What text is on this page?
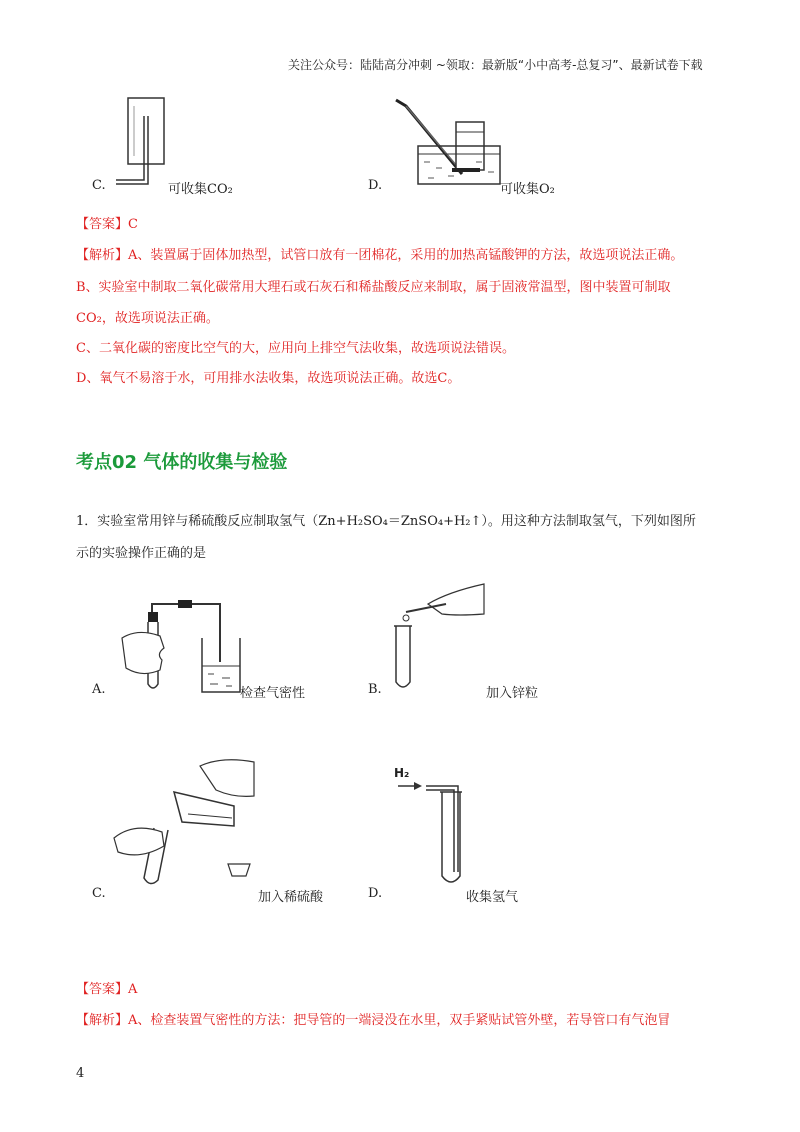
关注公众号：陆陆高分冲刺 ~领取：最新版“小中高考-总复习”、最新试卷下载
C.	可收集CO₂	D.	可收集O₂
【答案】C
【解析】A、装置属于固体加热型，试管口放有一团棉花，采用的加热高锰酸钾的方法，故选项说法正确。
B、实验室中制取二氧化碳常用大理石或石灰石和稀盐酸反应来制取，属于固液常温型，图中装置可制取
CO₂，故选项说法正确。
C、二氧化碳的密度比空气的大，应用向上排空气法收集，故选项说法错误。
D、氧气不易溶于水，可用排水法收集，故选项说法正确。故选C。
考点02 气体的收集与检验
1．实验室常用锌与稀硫酸反应制取氢气（Zn+H₂SO₄＝ZnSO₄+H₂↑）。用这种方法制取氢气，下列如图所
示的实验操作正确的是
A.	检查气密性	B.	加入锌粒
C.	加入稀硫酸
H₂
D.	收集氢气
【答案】A
【解析】A、检查装置气密性的方法：把导管的一端浸没在水里，双手紧贴试管外壁，若导管口有气泡冒
4
